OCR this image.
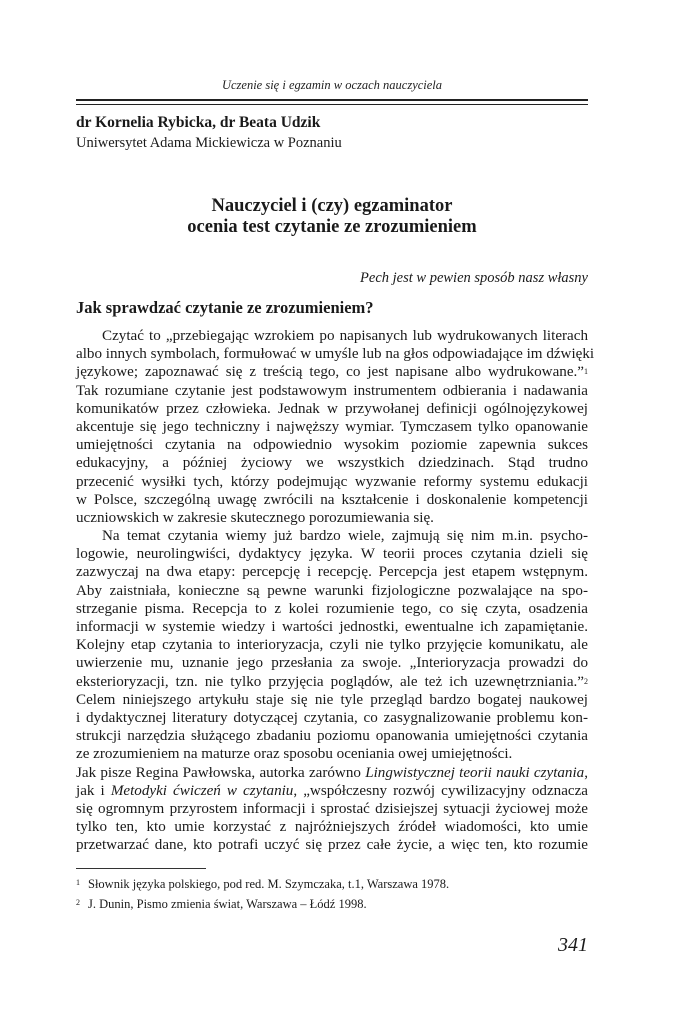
Uczenie się i egzamin w oczach nauczyciela
dr Kornelia Rybicka, dr Beata Udzik
Uniwersytet Adama Mickiewicza w Poznaniu
Nauczyciel i (czy) egzaminator
ocenia test czytanie ze zrozumieniem
Pech jest w pewien sposób nasz własny
Jak sprawdzać czytanie ze zrozumieniem?
Czytać to „przebiegając wzrokiem po napisanych lub wydrukowanych literach
albo innych symbolach, formułować w umyśle lub na głos odpowiadające im dźwięki
językowe; zapoznawać się z treścią tego, co jest napisane albo wydrukowane.”$^1$
Tak rozumiane czytanie jest podstawowym instrumentem odbierania i nadawania
komunikatów przez człowieka. Jednak w przywołanej definicji ogólnojęzykowej
akcentuje się jego techniczny i najwęższy wymiar. Tymczasem tylko opanowanie
umiejętności czytania na odpowiednio wysokim poziomie zapewnia sukces
edukacyjny, a później życiowy we wszystkich dziedzinach. Stąd trudno
przecenić wysiłki tych, którzy podejmując wyzwanie reformy systemu edukacji
w Polsce, szczególną uwagę zwrócili na kształcenie i doskonalenie kompetencji
uczniowskich w zakresie skutecznego porozumiewania się.
Na temat czytania wiemy już bardzo wiele, zajmują się nim m.in. psycho-
logowie, neurolingwiści, dydaktycy języka. W teorii proces czytania dzieli się
zazwyczaj na dwa etapy: percepcję i recepcję. Percepcja jest etapem wstępnym.
Aby zaistniała, konieczne są pewne warunki fizjologiczne pozwalające na spo-
strzeganie pisma. Recepcja to z kolei rozumienie tego, co się czyta, osadzenia
informacji w systemie wiedzy i wartości jednostki, ewentualne ich zapamiętanie.
Kolejny etap czytania to interioryzacja, czyli nie tylko przyjęcie komunikatu, ale
uwierzenie mu, uznanie jego przesłania za swoje. „Interioryzacja prowadzi do
eksterioryzacji, tzn. nie tylko przyjęcia poglądów, ale też ich uzewnętrzniania.”$^2$
Celem niniejszego artykułu staje się nie tyle przegląd bardzo bogatej naukowej
i dydaktycznej literatury dotyczącej czytania, co zasygnalizowanie problemu kon-
strukcji narzędzia służącego zbadaniu poziomu opanowania umiejętności czytania
ze zrozumieniem na maturze oraz sposobu oceniania owej umiejętności.
Jak pisze Regina Pawłowska, autorka zarówno Lingwistycznej teorii nauki czytania,
jak i Metodyki ćwiczeń w czytaniu, „współczesny rozwój cywilizacyjny odznacza
się ogromnym przyrostem informacji i sprostać dzisiejszej sytuacji życiowej może
tylko ten, kto umie korzystać z najróżniejszych źródeł wiadomości, kto umie
przetwarzać dane, kto potrafi uczyć się przez całe życie, a więc ten, kto rozumie
$^1$ Słownik języka polskiego, pod red. M. Szymczaka, t.1, Warszawa 1978.
$^2$ J. Dunin, Pismo zmienia świat, Warszawa – Łódź 1998.
341
